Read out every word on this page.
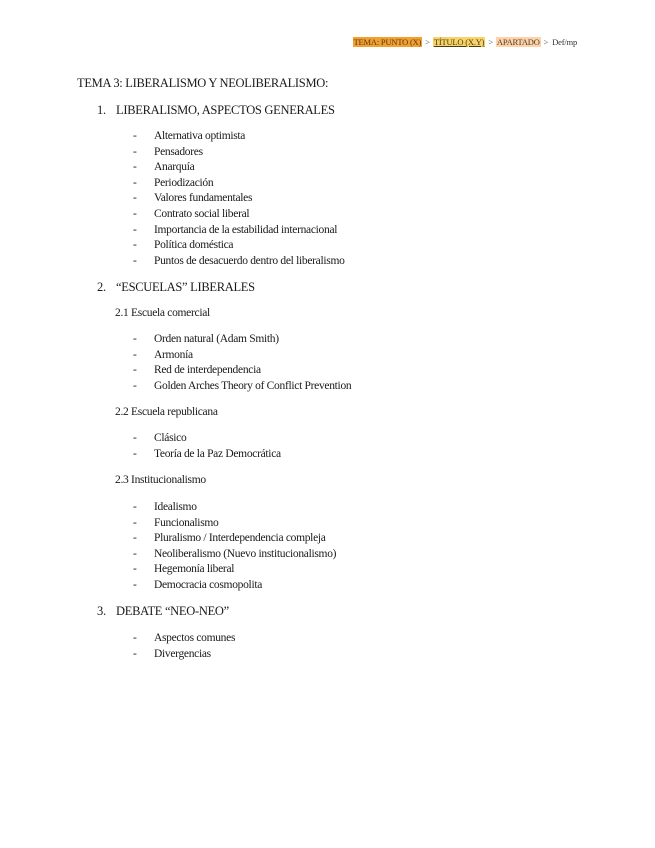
TEMA: PUNTO (X) > TÍTULO (X.Y) > APARTADO > Def/mp
TEMA 3: LIBERALISMO Y NEOLIBERALISMO:
1. LIBERALISMO, ASPECTOS GENERALES
-	Alternativa optimista
-	Pensadores
-	Anarquía
-	Periodización
-	Valores fundamentales
-	Contrato social liberal
-	Importancia de la estabilidad internacional
-	Política doméstica
-	Puntos de desacuerdo dentro del liberalismo
2. “ESCUELAS” LIBERALES
2.1 Escuela comercial
-	Orden natural (Adam Smith)
-	Armonía
-	Red de interdependencia
-	Golden Arches Theory of Conflict Prevention
2.2 Escuela republicana
-	Clásico
-	Teoría de la Paz Democrática
2.3 Institucionalismo
-	Idealismo
-	Funcionalismo
-	Pluralismo / Interdependencia compleja
-	Neoliberalismo (Nuevo institucionalismo)
-	Hegemonía liberal
-	Democracia cosmopolita
3. DEBATE “NEO-NEO”
-	Aspectos comunes
-	Divergencias
